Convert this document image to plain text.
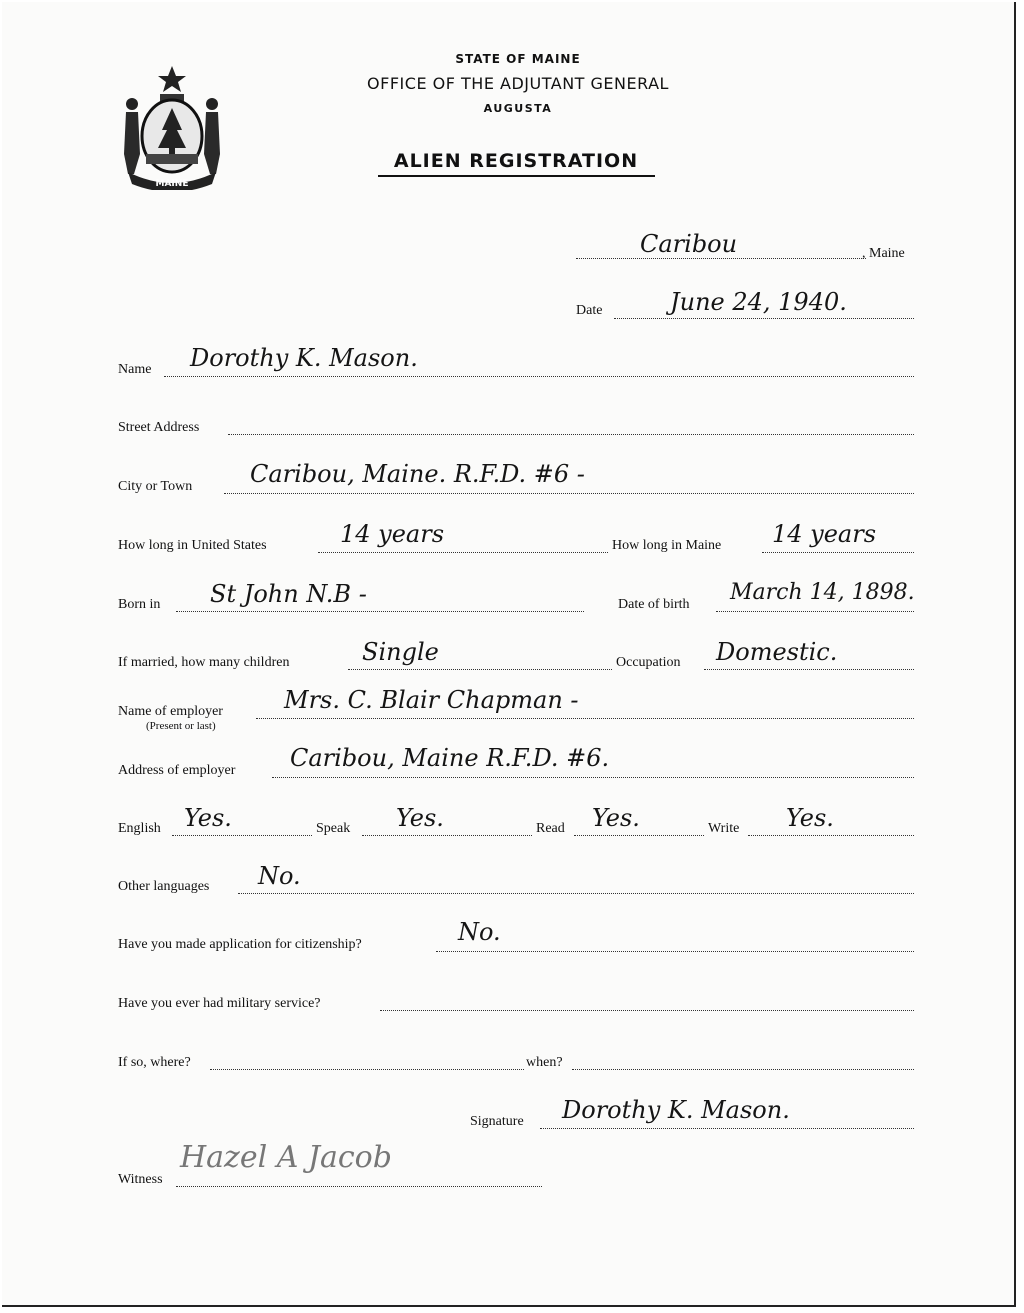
MAINE
STATE OF MAINE
OFFICE OF THE ADJUTANT GENERAL
AUGUSTA
ALIEN REGISTRATION
Caribou	, Maine
Date	June 24, 1940.
Name Dorothy K. Mason.
Street Address
City or Town Caribou, Maine. R.F.D. #6 -
How long in United States	14 years	How long in Maine 14 years
Born in St John N.B -	Date of birth March 14, 1898.
If married, how many children	Single	Occupation Domestic.
Name of employer
(Present or last)
Mrs. C. Blair Chapman -
Address of employer Caribou, Maine R.F.D. #6.
English Yes.	Speak Yes.	Read Yes.	Write Yes.
Other languages No.
Have you made application for citizenship?	No.
Have you ever had military service?
If so, where?	when?
Signature Dorothy K. Mason.
Witness
Hazel A Jacob
